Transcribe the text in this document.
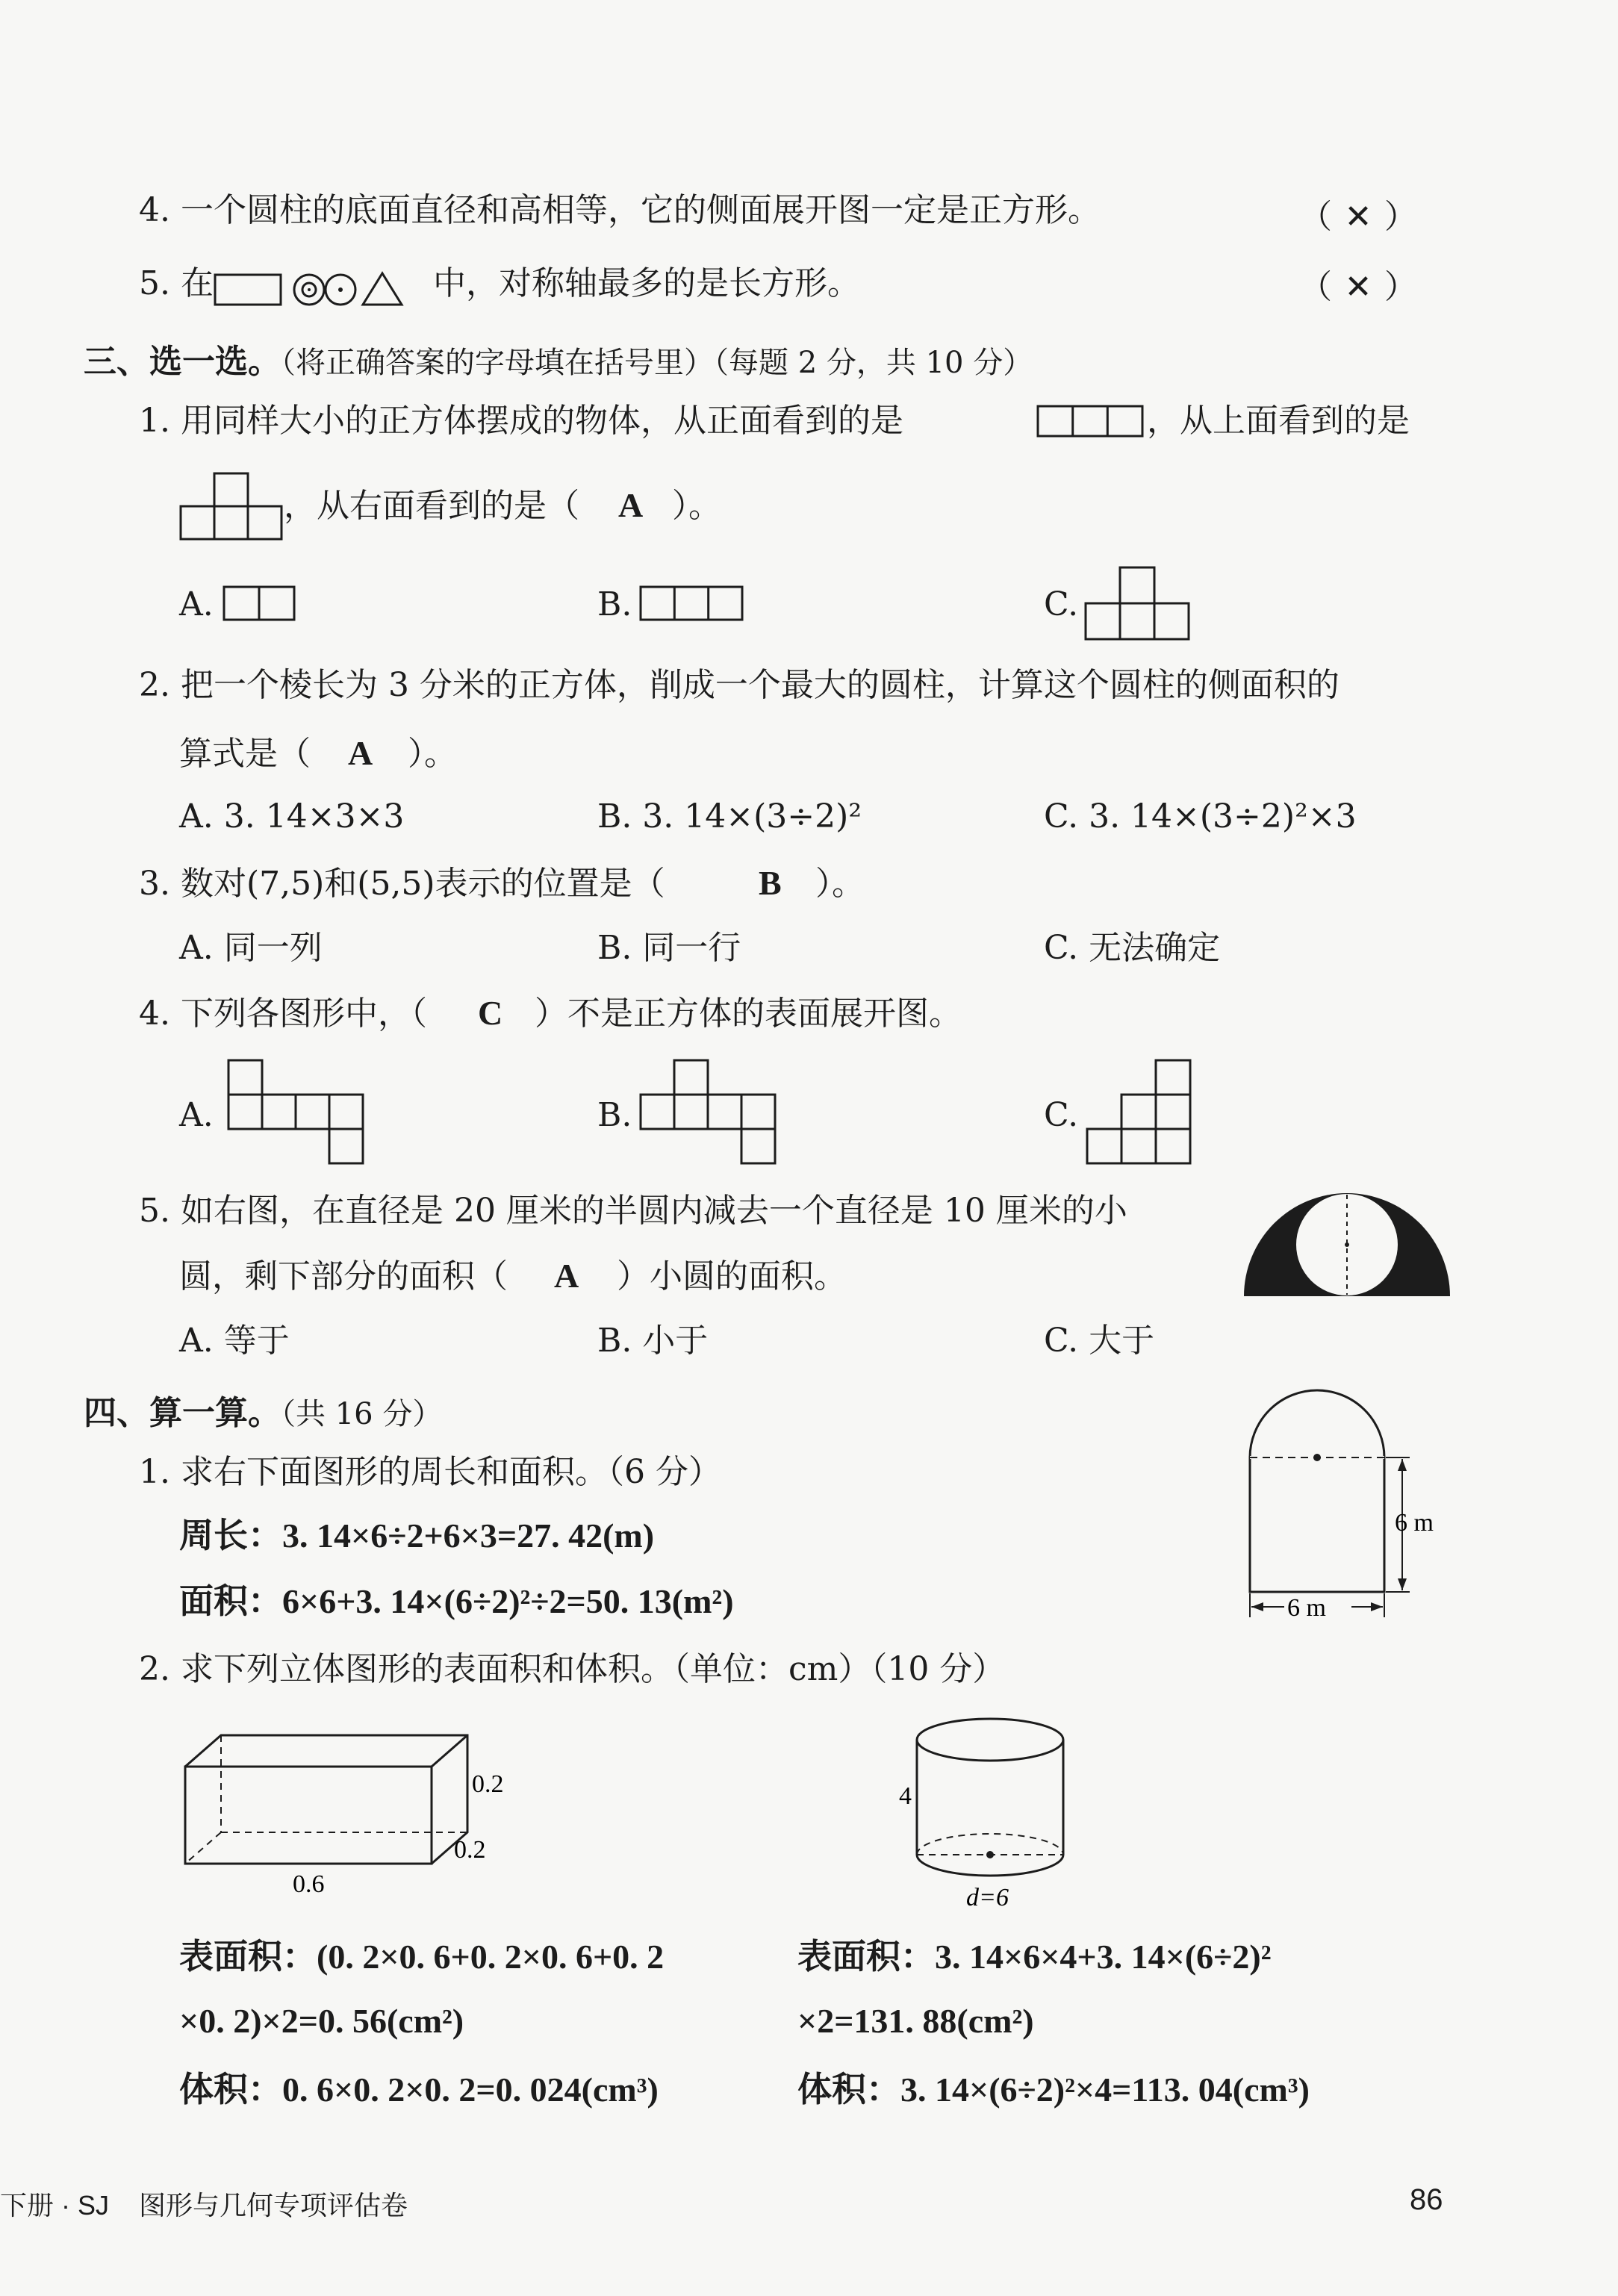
4. 一个圆柱的底面直径和高相等，它的侧面展开图一定是正方形。	（ ✕ ）
5. 在	中，对称轴最多的是长方形。	（ ✕ ）
三、选一选。（将正确答案的字母填在括号里）（每题 2 分，共 10 分）
1. 用同样大小的正方体摆成的物体，从正面看到的是	，从上面看到的是
，从右面看到的是（ A ）。
A.	B.	C.
2. 把一个棱长为 3 分米的正方体，削成一个最大的圆柱，计算这个圆柱的侧面积的
算式是（ A ）。
A. 3. 14×3×3	B. 3. 14×(3÷2)²	C. 3. 14×(3÷2)²×3
3. 数对(7,5)和(5,5)表示的位置是（	B ）。
A. 同一列	B. 同一行	C. 无法确定
4. 下列各图形中，（ C ）不是正方体的表面展开图。
A.	B.	C.
5. 如右图，在直径是 20 厘米的半圆内减去一个直径是 10 厘米的小
圆，剩下部分的面积（ A ）小圆的面积。
A. 等于	B. 小于	C. 大于
四、算一算。（共 16 分）
1. 求右下面图形的周长和面积。（6 分）
周长：3. 14×6÷2+6×3=27. 42(m)
面积：6×6+3. 14×(6÷2)²÷2=50. 13(m²)
6 m
6 m
2. 求下列立体图形的表面积和体积。（单位：cm）（10 分）
0.2
0.2
0.6
4
d=6
表面积：(0. 2×0. 6+0. 2×0. 6+0. 2
×0. 2)×2=0. 56(cm²)
体积：0. 6×0. 2×0. 2=0. 024(cm³)
表面积：3. 14×6×4+3. 14×(6÷2)²
×2=131. 88(cm²)
体积：3. 14×(6÷2)²×4=113. 04(cm³)
下册 · SJ 图形与几何专项评估卷	86
